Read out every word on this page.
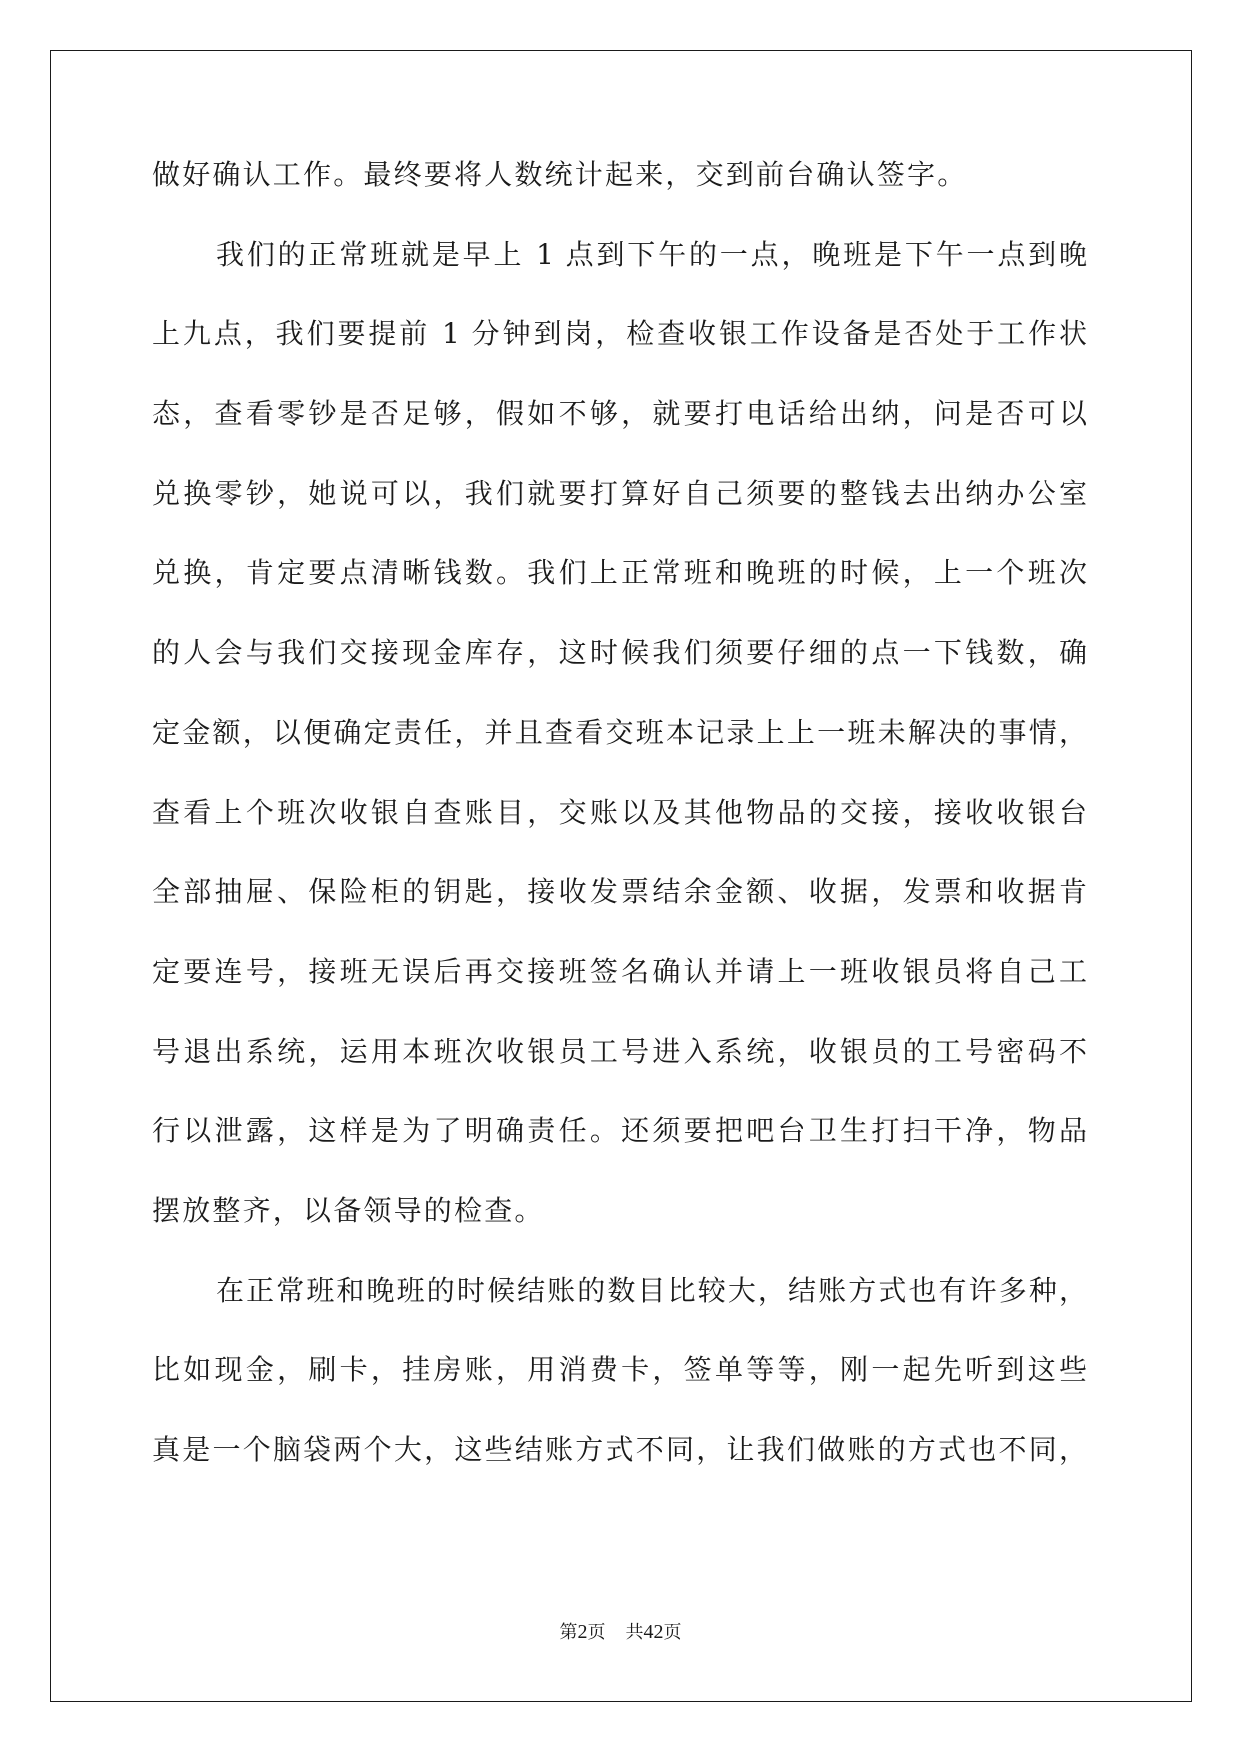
做好确认工作。最终要将人数统计起来，交到前台确认签字。

我们的正常班就是早上 1 点到下午的一点，晚班是下午一点到晚

上九点，我们要提前 1 分钟到岗，检查收银工作设备是否处于工作状

态，查看零钞是否足够，假如不够，就要打电话给出纳，问是否可以

兑换零钞，她说可以，我们就要打算好自己须要的整钱去出纳办公室

兑换，肯定要点清晰钱数。我们上正常班和晚班的时候，上一个班次

的人会与我们交接现金库存，这时候我们须要仔细的点一下钱数，确

定金额，以便确定责任，并且查看交班本记录上上一班未解决的事情，

查看上个班次收银自查账目，交账以及其他物品的交接，接收收银台

全部抽屉、保险柜的钥匙，接收发票结余金额、收据，发票和收据肯

定要连号，接班无误后再交接班签名确认并请上一班收银员将自己工

号退出系统，运用本班次收银员工号进入系统，收银员的工号密码不

行以泄露，这样是为了明确责任。还须要把吧台卫生打扫干净，物品

摆放整齐，以备领导的检查。

在正常班和晚班的时候结账的数目比较大，结账方式也有许多种，

比如现金，刷卡，挂房账，用消费卡，签单等等，刚一起先听到这些

真是一个脑袋两个大，这些结账方式不同，让我们做账的方式也不同，

第2页 共42页
